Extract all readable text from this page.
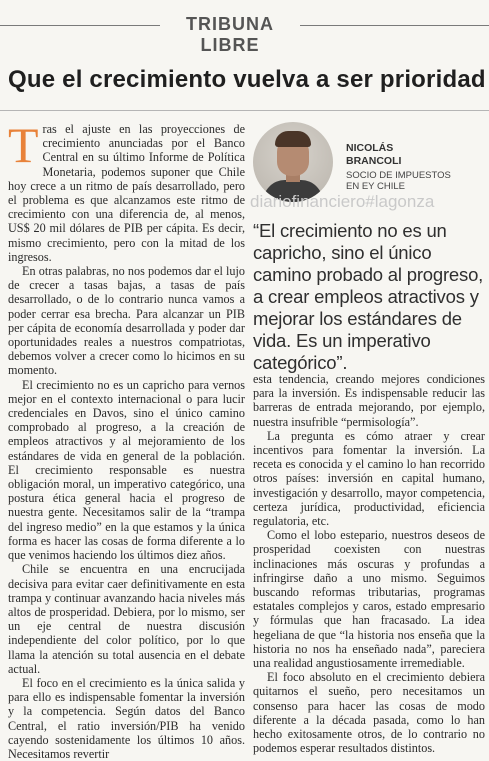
TRIBUNA LIBRE
Que el crecimiento vuelva a ser prioridad

Tras el ajuste en las proyecciones de crecimiento anunciadas por el Banco Central en su último Informe de Política Monetaria, podemos suponer que Chile hoy crece a un ritmo de país desarrollado, pero el problema es que alcanzamos este ritmo de crecimiento con una diferencia de, al menos, US$ 20 mil dólares de PIB per cápita. Es decir, mismo crecimiento, pero con la mitad de los ingresos.

En otras palabras, no nos podemos dar el lujo de crecer a tasas bajas, a tasas de país desarrollado, o de lo contrario nunca vamos a poder cerrar esa brecha. Para alcanzar un PIB per cápita de economía desarrollada y poder dar oportunidades reales a nuestros compatriotas, debemos volver a crecer como lo hicimos en su momento.

El crecimiento no es un capricho para vernos mejor en el contexto internacional o para lucir credenciales en Davos, sino el único camino comprobado al progreso, a la creación de empleos atractivos y al mejoramiento de los estándares de vida en general de la población. El crecimiento responsable es nuestra obligación moral, un imperativo categórico, una postura ética general hacia el progreso de nuestra gente. Necesitamos salir de la “trampa del ingreso medio” en la que estamos y la única forma es hacer las cosas de forma diferente a lo que venimos haciendo los últimos diez años.

Chile se encuentra en una encrucijada decisiva para evitar caer definitivamente en esta trampa y continuar avanzando hacia niveles más altos de prosperidad. Debiera, por lo mismo, ser un eje central de nuestra discusión independiente del color político, por lo que llama la atención su total ausencia en el debate actual.

El foco en el crecimiento es la única salida y para ello es indispensable fomentar la inversión y la competencia. Según datos del Banco Central, el ratio inversión/PIB ha venido cayendo sostenidamente los últimos 10 años. Necesitamos revertir

NICOLÁS
BRANCOLI
SOCIO DE IMPUESTOS
EN EY CHILE
diariofinanciero#lagonza
“El crecimiento no es un capricho, sino el único camino probado al progreso, a crear empleos atractivos y mejorar los estándares de vida. Es un imperativo categórico”.

esta tendencia, creando mejores condiciones para la inversión. Es indispensable reducir las barreras de entrada mejorando, por ejemplo, nuestra insufrible “permisología”.

La pregunta es cómo atraer y crear incentivos para fomentar la inversión. La receta es conocida y el camino lo han recorrido otros países: inversión en capital humano, investigación y desarrollo, mayor competencia, certeza jurídica, productividad, eficiencia regulatoria, etc.

Como el lobo estepario, nuestros deseos de prosperidad coexisten con nuestras inclinaciones más oscuras y profundas a infringirse daño a uno mismo. Seguimos buscando reformas tributarias, programas estatales complejos y caros, estado empresario y fórmulas que han fracasado. La idea hegeliana de que “la historia nos enseña que la historia no nos ha enseñado nada”, pareciera una realidad angustiosamente irremediable.

El foco absoluto en el crecimiento debiera quitarnos el sueño, pero necesitamos un consenso para hacer las cosas de modo diferente a la década pasada, como lo han hecho exitosamente otros, de lo contrario no podemos esperar resultados distintos.
